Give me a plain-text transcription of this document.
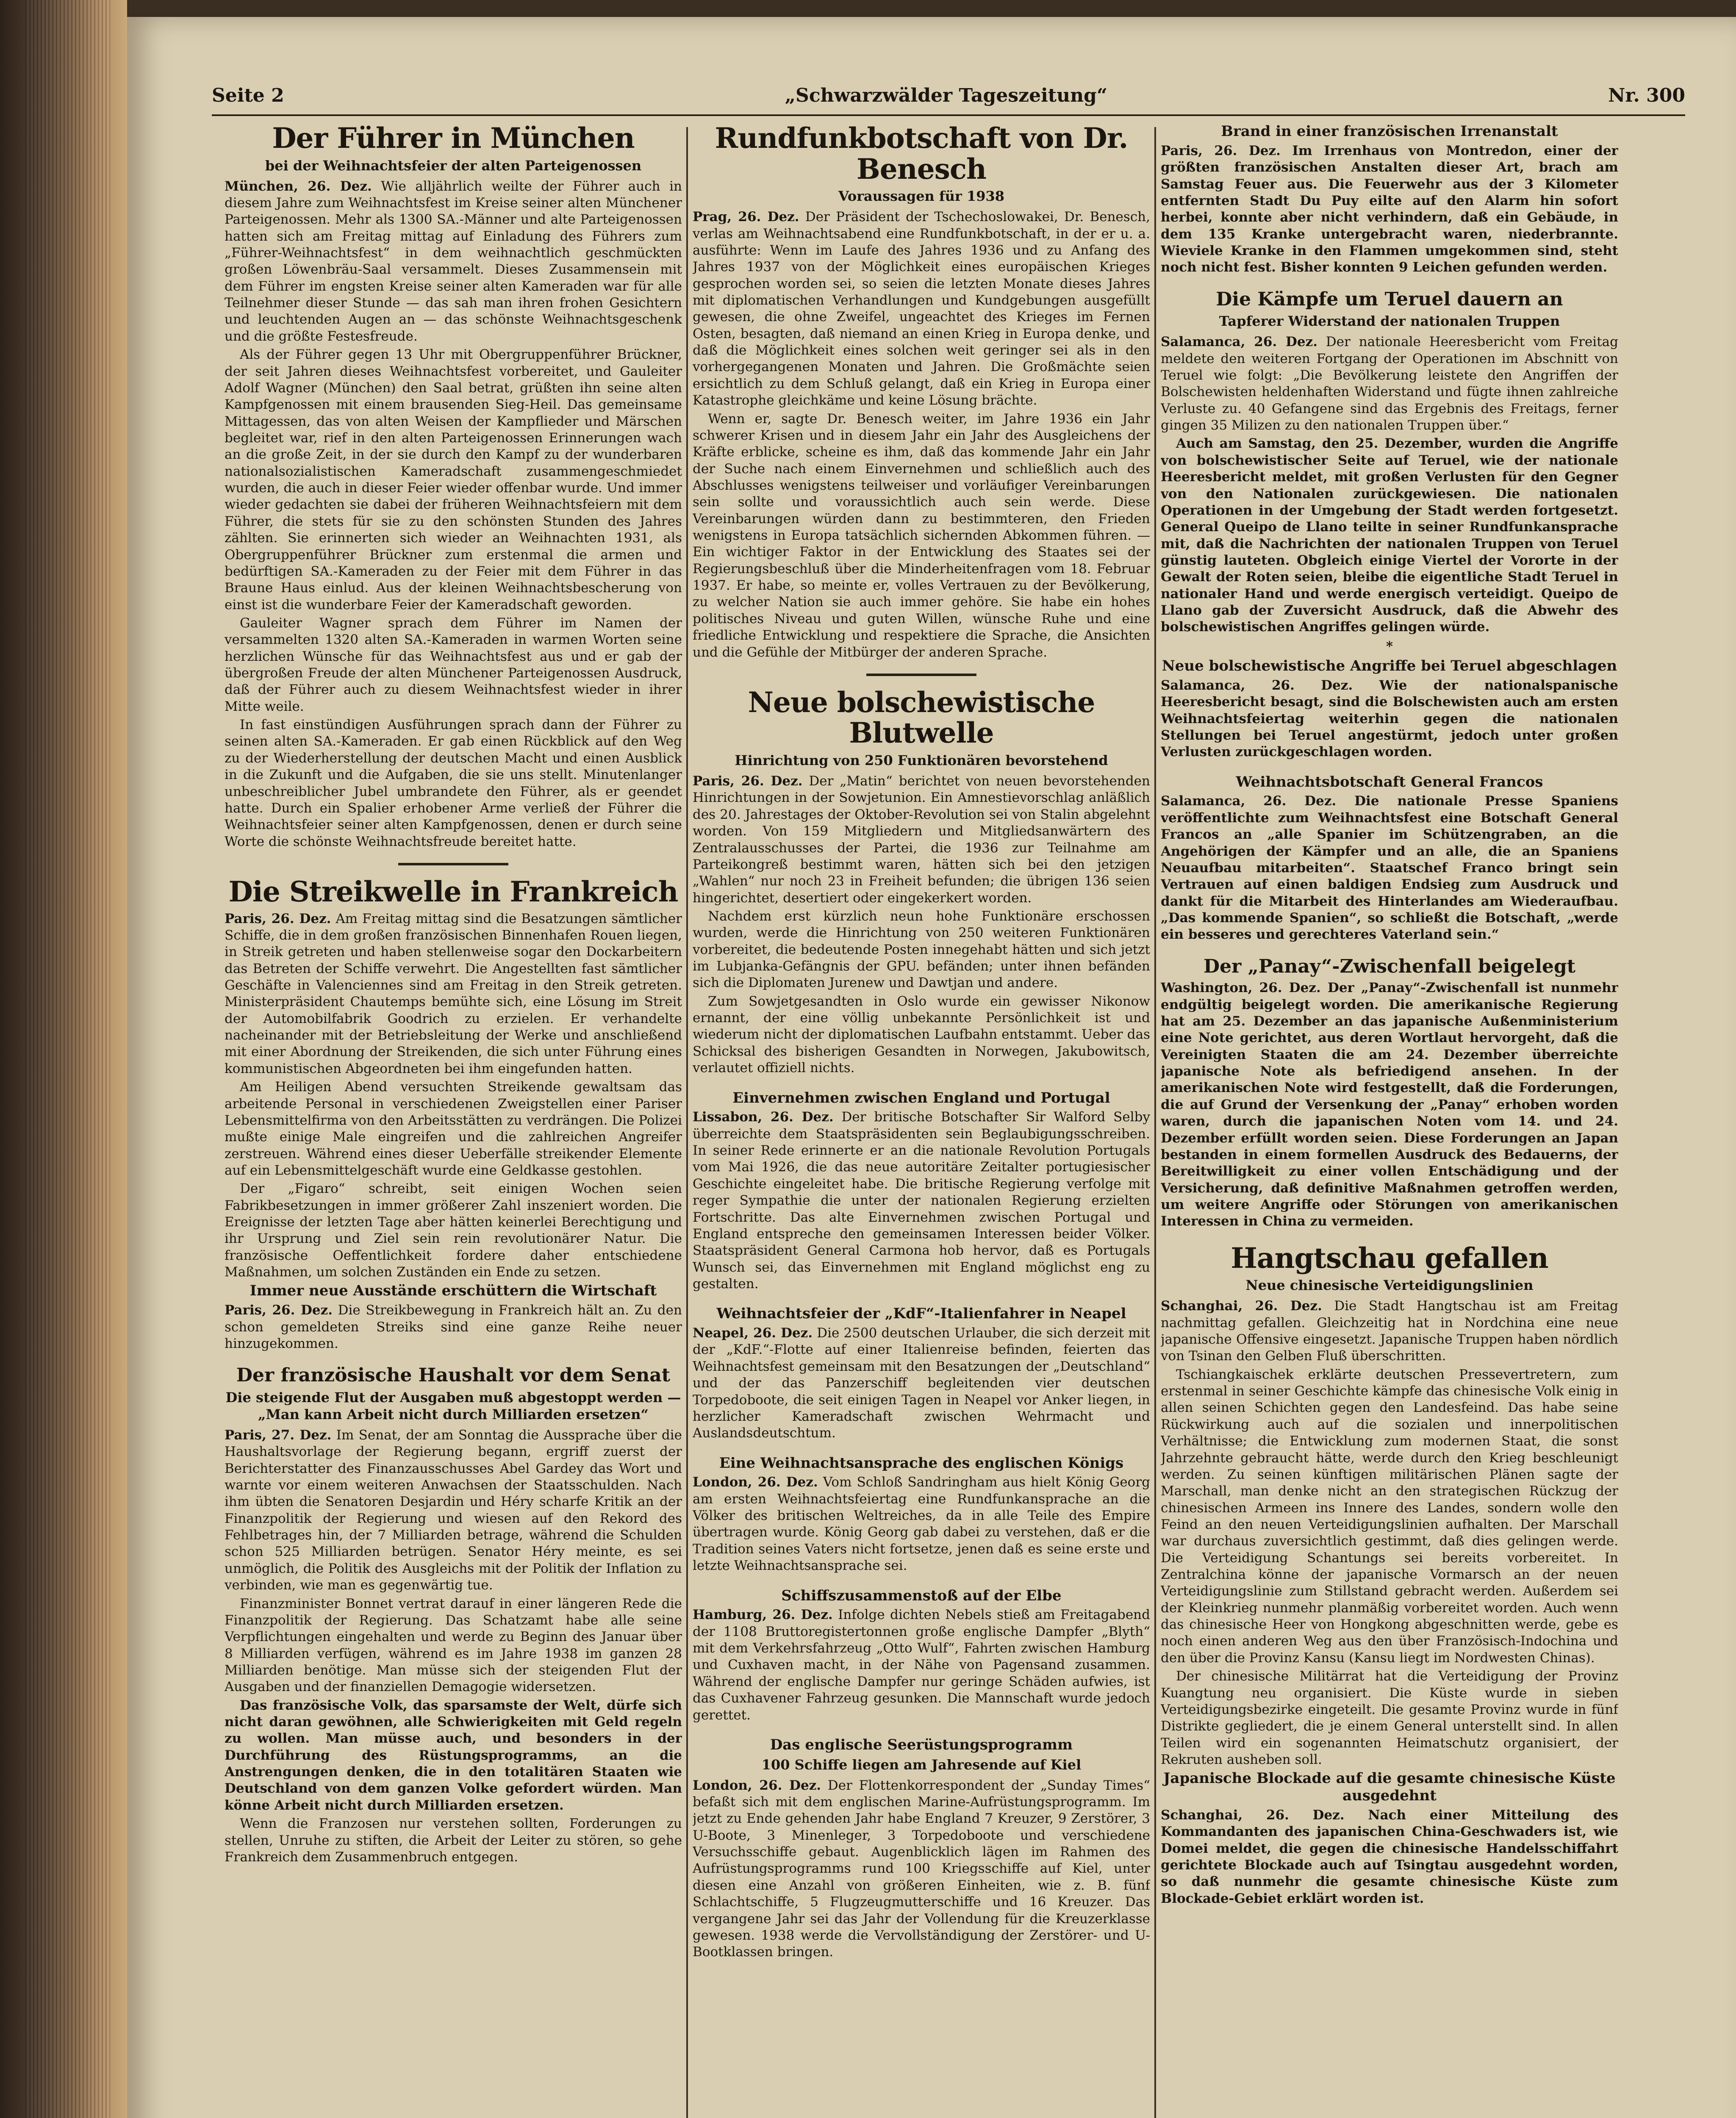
Seite 2	„Schwarzwälder Tageszeitung“	Nr. 300
Der Führer in München
bei der Weihnachtsfeier der alten Parteigenossen

München, 26. Dez. Wie alljährlich weilte der Führer auch in diesem Jahre zum Weihnachtsfest im Kreise seiner alten Münchener Parteigenossen. Mehr als 1300 SA.-Männer und alte Parteigenossen hatten sich am Freitag mittag auf Einladung des Führers zum „Führer-Weihnachtsfest“ in dem weihnachtlich geschmückten großen Löwenbräu-Saal versammelt. Dieses Zusammensein mit dem Führer im engsten Kreise seiner alten Kameraden war für alle Teilnehmer dieser Stunde — das sah man ihren frohen Gesichtern und leuchtenden Augen an — das schönste Weihnachtsgeschenk und die größte Festesfreude.

Als der Führer gegen 13 Uhr mit Obergruppenführer Brückner, der seit Jahren dieses Weihnachtsfest vorbereitet, und Gauleiter Adolf Wagner (München) den Saal betrat, grüßten ihn seine alten Kampfgenossen mit einem brausenden Sieg-Heil. Das gemeinsame Mittagessen, das von alten Weisen der Kampflieder und Märschen begleitet war, rief in den alten Parteigenossen Erinnerungen wach an die große Zeit, in der sie durch den Kampf zu der wunderbaren nationalsozialistischen Kameradschaft zusammengeschmiedet wurden, die auch in dieser Feier wieder offenbar wurde. Und immer wieder gedachten sie dabei der früheren Weihnachtsfeiern mit dem Führer, die stets für sie zu den schönsten Stunden des Jahres zählten. Sie erinnerten sich wieder an Weihnachten 1931, als Obergruppenführer Brückner zum erstenmal die armen und bedürftigen SA.-Kameraden zu der Feier mit dem Führer in das Braune Haus einlud. Aus der kleinen Weihnachtsbescherung von einst ist die wunderbare Feier der Kameradschaft geworden.

Gauleiter Wagner sprach dem Führer im Namen der versammelten 1320 alten SA.-Kameraden in warmen Worten seine herzlichen Wünsche für das Weihnachtsfest aus und er gab der übergroßen Freude der alten Münchener Parteigenossen Ausdruck, daß der Führer auch zu diesem Weihnachtsfest wieder in ihrer Mitte weile.

In fast einstündigen Ausführungen sprach dann der Führer zu seinen alten SA.-Kameraden. Er gab einen Rückblick auf den Weg zu der Wiederherstellung der deutschen Macht und einen Ausblick in die Zukunft und die Aufgaben, die sie uns stellt. Minutenlanger unbeschreiblicher Jubel umbrandete den Führer, als er geendet hatte. Durch ein Spalier erhobener Arme verließ der Führer die Weihnachtsfeier seiner alten Kampfgenossen, denen er durch seine Worte die schönste Weihnachtsfreude bereitet hatte.

Die Streikwelle in Frankreich

Paris, 26. Dez. Am Freitag mittag sind die Besatzungen sämtlicher Schiffe, die in dem großen französischen Binnenhafen Rouen liegen, in Streik getreten und haben stellenweise sogar den Dockarbeitern das Betreten der Schiffe verwehrt. Die Angestellten fast sämtlicher Geschäfte in Valenciennes sind am Freitag in den Streik getreten. Ministerpräsident Chautemps bemühte sich, eine Lösung im Streit der Automobilfabrik Goodrich zu erzielen. Er verhandelte nacheinander mit der Betriebsleitung der Werke und anschließend mit einer Abordnung der Streikenden, die sich unter Führung eines kommunistischen Abgeordneten bei ihm eingefunden hatten.

Am Heiligen Abend versuchten Streikende gewaltsam das arbeitende Personal in verschiedenen Zweigstellen einer Pariser Lebensmittelfirma von den Arbeitsstätten zu verdrängen. Die Polizei mußte einige Male eingreifen und die zahlreichen Angreifer zerstreuen. Während eines dieser Ueberfälle streikender Elemente auf ein Lebensmittelgeschäft wurde eine Geldkasse gestohlen.

Der „Figaro“ schreibt, seit einigen Wochen seien Fabrikbesetzungen in immer größerer Zahl inszeniert worden. Die Ereignisse der letzten Tage aber hätten keinerlei Berechtigung und ihr Ursprung und Ziel sein rein revolutionärer Natur. Die französische Oeffentlichkeit fordere daher entschiedene Maßnahmen, um solchen Zuständen ein Ende zu setzen.

Immer neue Ausstände erschüttern die Wirtschaft

Paris, 26. Dez. Die Streikbewegung in Frankreich hält an. Zu den schon gemeldeten Streiks sind eine ganze Reihe neuer hinzugekommen.

Der französische Haushalt vor dem Senat
Die steigende Flut der Ausgaben muß abgestoppt werden — „Man kann Arbeit nicht durch Milliarden ersetzen“

Paris, 27. Dez. Im Senat, der am Sonntag die Aussprache über die Haushaltsvorlage der Regierung begann, ergriff zuerst der Berichterstatter des Finanzausschusses Abel Gardey das Wort und warnte vor einem weiteren Anwachsen der Staatsschulden. Nach ihm übten die Senatoren Desjardin und Héry scharfe Kritik an der Finanzpolitik der Regierung und wiesen auf den Rekord des Fehlbetrages hin, der 7 Milliarden betrage, während die Schulden schon 525 Milliarden betrügen. Senator Héry meinte, es sei unmöglich, die Politik des Ausgleichs mit der Politik der Inflation zu verbinden, wie man es gegenwärtig tue.

Finanzminister Bonnet vertrat darauf in einer längeren Rede die Finanzpolitik der Regierung. Das Schatzamt habe alle seine Verpflichtungen eingehalten und werde zu Beginn des Januar über 8 Milliarden verfügen, während es im Jahre 1938 im ganzen 28 Milliarden benötige. Man müsse sich der steigenden Flut der Ausgaben und der finanziellen Demagogie widersetzen.

Das französische Volk, das sparsamste der Welt, dürfe sich nicht daran gewöhnen, alle Schwierigkeiten mit Geld regeln zu wollen. Man müsse auch, und besonders in der Durchführung des Rüstungsprogramms, an die Anstrengungen denken, die in den totalitären Staaten wie Deutschland von dem ganzen Volke gefordert würden. Man könne Arbeit nicht durch Milliarden ersetzen.

Wenn die Franzosen nur verstehen sollten, Forderungen zu stellen, Unruhe zu stiften, die Arbeit der Leiter zu stören, so gehe Frankreich dem Zusammenbruch entgegen.

Rundfunkbotschaft von Dr. Benesch
Voraussagen für 1938

Prag, 26. Dez. Der Präsident der Tschechoslowakei, Dr. Benesch, verlas am Weihnachtsabend eine Rundfunkbotschaft, in der er u. a. ausführte: Wenn im Laufe des Jahres 1936 und zu Anfang des Jahres 1937 von der Möglichkeit eines europäischen Krieges gesprochen worden sei, so seien die letzten Monate dieses Jahres mit diplomatischen Verhandlungen und Kundgebungen ausgefüllt gewesen, die ohne Zweifel, ungeachtet des Krieges im Fernen Osten, besagten, daß niemand an einen Krieg in Europa denke, und daß die Möglichkeit eines solchen weit geringer sei als in den vorhergegangenen Monaten und Jahren. Die Großmächte seien ersichtlich zu dem Schluß gelangt, daß ein Krieg in Europa einer Katastrophe gleichkäme und keine Lösung brächte.

Wenn er, sagte Dr. Benesch weiter, im Jahre 1936 ein Jahr schwerer Krisen und in diesem Jahr ein Jahr des Ausgleichens der Kräfte erblicke, scheine es ihm, daß das kommende Jahr ein Jahr der Suche nach einem Einvernehmen und schließlich auch des Abschlusses wenigstens teilweiser und vorläufiger Vereinbarungen sein sollte und voraussichtlich auch sein werde. Diese Vereinbarungen würden dann zu bestimmteren, den Frieden wenigstens in Europa tatsächlich sichernden Abkommen führen. — Ein wichtiger Faktor in der Entwicklung des Staates sei der Regierungsbeschluß über die Minderheitenfragen vom 18. Februar 1937. Er habe, so meinte er, volles Vertrauen zu der Bevölkerung, zu welcher Nation sie auch immer gehöre. Sie habe ein hohes politisches Niveau und guten Willen, wünsche Ruhe und eine friedliche Entwicklung und respektiere die Sprache, die Ansichten und die Gefühle der Mitbürger der anderen Sprache.

Neue bolschewistische Blutwelle
Hinrichtung von 250 Funktionären bevorstehend

Paris, 26. Dez. Der „Matin“ berichtet von neuen bevorstehenden Hinrichtungen in der Sowjetunion. Ein Amnestievorschlag anläßlich des 20. Jahrestages der Oktober-Revolution sei von Stalin abgelehnt worden. Von 159 Mitgliedern und Mitgliedsanwärtern des Zentralausschusses der Partei, die 1936 zur Teilnahme am Parteikongreß bestimmt waren, hätten sich bei den jetzigen „Wahlen“ nur noch 23 in Freiheit befunden; die übrigen 136 seien hingerichtet, desertiert oder eingekerkert worden.

Nachdem erst kürzlich neun hohe Funktionäre erschossen wurden, werde die Hinrichtung von 250 weiteren Funktionären vorbereitet, die bedeutende Posten innegehabt hätten und sich jetzt im Lubjanka-Gefängnis der GPU. befänden; unter ihnen befänden sich die Diplomaten Jurenew und Dawtjan und andere.

Zum Sowjetgesandten in Oslo wurde ein gewisser Nikonow ernannt, der eine völlig unbekannte Persönlichkeit ist und wiederum nicht der diplomatischen Laufbahn entstammt. Ueber das Schicksal des bisherigen Gesandten in Norwegen, Jakubowitsch, verlautet offiziell nichts.

Einvernehmen zwischen England und Portugal

Lissabon, 26. Dez. Der britische Botschafter Sir Walford Selby überreichte dem Staatspräsidenten sein Beglaubigungsschreiben. In seiner Rede erinnerte er an die nationale Revolution Portugals vom Mai 1926, die das neue autoritäre Zeitalter portugiesischer Geschichte eingeleitet habe. Die britische Regierung verfolge mit reger Sympathie die unter der nationalen Regierung erzielten Fortschritte. Das alte Einvernehmen zwischen Portugal und England entspreche den gemeinsamen Interessen beider Völker. Staatspräsident General Carmona hob hervor, daß es Portugals Wunsch sei, das Einvernehmen mit England möglichst eng zu gestalten.

Weihnachtsfeier der „KdF“-Italienfahrer in Neapel

Neapel, 26. Dez. Die 2500 deutschen Urlauber, die sich derzeit mit der „KdF.“-Flotte auf einer Italienreise befinden, feierten das Weihnachtsfest gemeinsam mit den Besatzungen der „Deutschland“ und der das Panzerschiff begleitenden vier deutschen Torpedoboote, die seit einigen Tagen in Neapel vor Anker liegen, in herzlicher Kameradschaft zwischen Wehrmacht und Auslandsdeutschtum.

Eine Weihnachtsansprache des englischen Königs

London, 26. Dez. Vom Schloß Sandringham aus hielt König Georg am ersten Weihnachtsfeiertag eine Rundfunkansprache an die Völker des britischen Weltreiches, da in alle Teile des Empire übertragen wurde. König Georg gab dabei zu verstehen, daß er die Tradition seines Vaters nicht fortsetze, jenen daß es seine erste und letzte Weihnachtsansprache sei.

Schiffszusammenstoß auf der Elbe

Hamburg, 26. Dez. Infolge dichten Nebels stieß am Freitagabend der 1108 Bruttoregistertonnen große englische Dampfer „Blyth“ mit dem Verkehrsfahrzeug „Otto Wulf“, Fahrten zwischen Hamburg und Cuxhaven macht, in der Nähe von Pagensand zusammen. Während der englische Dampfer nur geringe Schäden aufwies, ist das Cuxhavener Fahrzeug gesunken. Die Mannschaft wurde jedoch gerettet.

Das englische Seerüstungsprogramm
100 Schiffe liegen am Jahresende auf Kiel

London, 26. Dez. Der Flottenkorrespondent der „Sunday Times“ befaßt sich mit dem englischen Marine-Aufrüstungsprogramm. Im jetzt zu Ende gehenden Jahr habe England 7 Kreuzer, 9 Zerstörer, 3 U-Boote, 3 Minenleger, 3 Torpedoboote und verschiedene Versuchsschiffe gebaut. Augenblicklich lägen im Rahmen des Aufrüstungsprogramms rund 100 Kriegsschiffe auf Kiel, unter diesen eine Anzahl von größeren Einheiten, wie z. B. fünf Schlachtschiffe, 5 Flugzeugmutterschiffe und 16 Kreuzer. Das vergangene Jahr sei das Jahr der Vollendung für die Kreuzerklasse gewesen. 1938 werde die Vervollständigung der Zerstörer- und U-Bootklassen bringen.

Brand in einer französischen Irrenanstalt

Paris, 26. Dez. Im Irrenhaus von Montredon, einer der größten französischen Anstalten dieser Art, brach am Samstag Feuer aus. Die Feuerwehr aus der 3 Kilometer entfernten Stadt Du Puy eilte auf den Alarm hin sofort herbei, konnte aber nicht verhindern, daß ein Gebäude, in dem 135 Kranke untergebracht waren, niederbrannte. Wieviele Kranke in den Flammen umgekommen sind, steht noch nicht fest. Bisher konnten 9 Leichen gefunden werden.

Die Kämpfe um Teruel dauern an
Tapferer Widerstand der nationalen Truppen

Salamanca, 26. Dez. Der nationale Heeresbericht vom Freitag meldete den weiteren Fortgang der Operationen im Abschnitt von Teruel wie folgt: „Die Bevölkerung leistete den Angriffen der Bolschewisten heldenhaften Widerstand und fügte ihnen zahlreiche Verluste zu. 40 Gefangene sind das Ergebnis des Freitags, ferner gingen 35 Milizen zu den nationalen Truppen über.“

Auch am Samstag, den 25. Dezember, wurden die Angriffe von bolschewistischer Seite auf Teruel, wie der nationale Heeresbericht meldet, mit großen Verlusten für den Gegner von den Nationalen zurückgewiesen. Die nationalen Operationen in der Umgebung der Stadt werden fortgesetzt. General Queipo de Llano teilte in seiner Rundfunkansprache mit, daß die Nachrichten der nationalen Truppen von Teruel günstig lauteten. Obgleich einige Viertel der Vororte in der Gewalt der Roten seien, bleibe die eigentliche Stadt Teruel in nationaler Hand und werde energisch verteidigt. Queipo de Llano gab der Zuversicht Ausdruck, daß die Abwehr des bolschewistischen Angriffes gelingen würde.

*
Neue bolschewistische Angriffe bei Teruel abgeschlagen

Salamanca, 26. Dez. Wie der nationalspanische Heeresbericht besagt, sind die Bolschewisten auch am ersten Weihnachtsfeiertag weiterhin gegen die nationalen Stellungen bei Teruel angestürmt, jedoch unter großen Verlusten zurückgeschlagen worden.

Weihnachtsbotschaft General Francos

Salamanca, 26. Dez. Die nationale Presse Spaniens veröffentlichte zum Weihnachtsfest eine Botschaft General Francos an „alle Spanier im Schützengraben, an die Angehörigen der Kämpfer und an alle, die an Spaniens Neuaufbau mitarbeiten“. Staatschef Franco bringt sein Vertrauen auf einen baldigen Endsieg zum Ausdruck und dankt für die Mitarbeit des Hinterlandes am Wiederaufbau. „Das kommende Spanien“, so schließt die Botschaft, „werde ein besseres und gerechteres Vaterland sein.“

Der „Panay“-Zwischenfall beigelegt

Washington, 26. Dez. Der „Panay“-Zwischenfall ist nunmehr endgültig beigelegt worden. Die amerikanische Regierung hat am 25. Dezember an das japanische Außenministerium eine Note gerichtet, aus deren Wortlaut hervorgeht, daß die Vereinigten Staaten die am 24. Dezember überreichte japanische Note als befriedigend ansehen. In der amerikanischen Note wird festgestellt, daß die Forderungen, die auf Grund der Versenkung der „Panay“ erhoben worden waren, durch die japanischen Noten vom 14. und 24. Dezember erfüllt worden seien. Diese Forderungen an Japan bestanden in einem formellen Ausdruck des Bedauerns, der Bereitwilligkeit zu einer vollen Entschädigung und der Versicherung, daß definitive Maßnahmen getroffen werden, um weitere Angriffe oder Störungen von amerikanischen Interessen in China zu vermeiden.

Hangtschau gefallen
Neue chinesische Verteidigungslinien

Schanghai, 26. Dez. Die Stadt Hangtschau ist am Freitag nachmittag gefallen. Gleichzeitig hat in Nordchina eine neue japanische Offensive eingesetzt. Japanische Truppen haben nördlich von Tsinan den Gelben Fluß überschritten.

Tschiangkaischek erklärte deutschen Pressevertretern, zum erstenmal in seiner Geschichte kämpfe das chinesische Volk einig in allen seinen Schichten gegen den Landesfeind. Das habe seine Rückwirkung auch auf die sozialen und innerpolitischen Verhältnisse; die Entwicklung zum modernen Staat, die sonst Jahrzehnte gebraucht hätte, werde durch den Krieg beschleunigt werden. Zu seinen künftigen militärischen Plänen sagte der Marschall, man denke nicht an den strategischen Rückzug der chinesischen Armeen ins Innere des Landes, sondern wolle den Feind an den neuen Verteidigungslinien aufhalten. Der Marschall war durchaus zuversichtlich gestimmt, daß dies gelingen werde. Die Verteidigung Schantungs sei bereits vorbereitet. In Zentralchina könne der japanische Vormarsch an der neuen Verteidigungslinie zum Stillstand gebracht werden. Außerdem sei der Kleinkrieg nunmehr planmäßig vorbereitet worden. Auch wenn das chinesische Heer von Hongkong abgeschnitten werde, gebe es noch einen anderen Weg aus den über Französisch-Indochina und den über die Provinz Kansu (Kansu liegt im Nordwesten Chinas).

Der chinesische Militärrat hat die Verteidigung der Provinz Kuangtung neu organisiert. Die Küste wurde in sieben Verteidigungsbezirke eingeteilt. Die gesamte Provinz wurde in fünf Distrikte gegliedert, die je einem General unterstellt sind. In allen Teilen wird ein sogenannten Heimatschutz organisiert, der Rekruten ausheben soll.

Japanische Blockade auf die gesamte chinesische Küste ausgedehnt

Schanghai, 26. Dez. Nach einer Mitteilung des Kommandanten des japanischen China-Geschwaders ist, wie Domei meldet, die gegen die chinesische Handelsschiffahrt gerichtete Blockade auch auf Tsingtau ausgedehnt worden, so daß nunmehr die gesamte chinesische Küste zum Blockade-Gebiet erklärt worden ist.
